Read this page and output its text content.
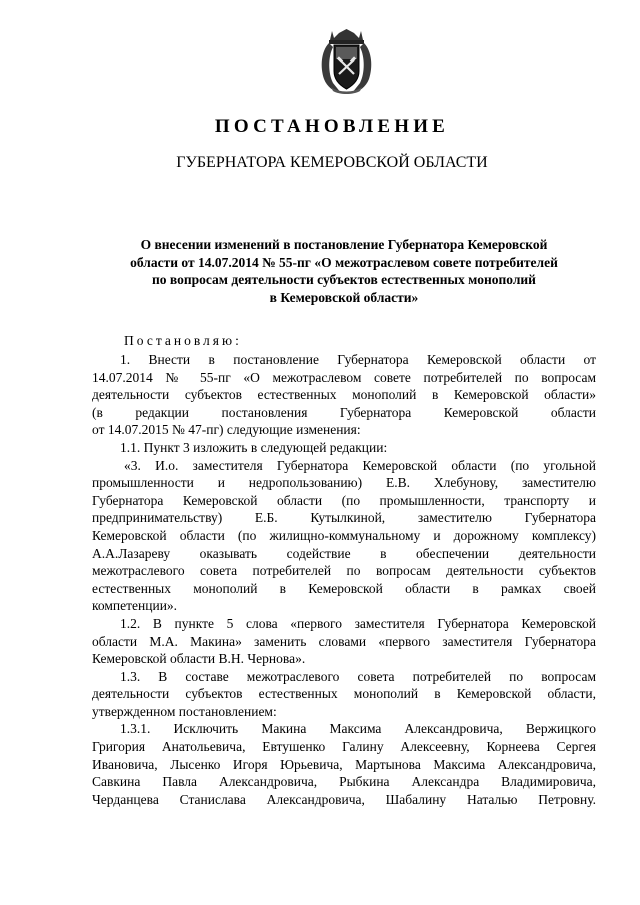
ПОСТАНОВЛЕНИЕ
ГУБЕРНАТОРА КЕМЕРОВСКОЙ ОБЛАСТИ
О внесении изменений в постановление Губернатора Кемеровской
области от 14.07.2014 № 55-пг «О межотраслевом совете потребителей
по вопросам деятельности субъектов естественных монополий
в Кемеровской области»
Постановляю:
1. Внести в постановление Губернатора Кемеровской области от
14.07.2014 № 55-пг «О межотраслевом совете потребителей по вопросам
деятельности субъектов естественных монополий в Кемеровской области»
(в редакции постановления Губернатора Кемеровской области
от 14.07.2015 № 47-пг) следующие изменения:
1.1. Пункт 3 изложить в следующей редакции:
«3. И.о. заместителя Губернатора Кемеровской области (по угольной
промышленности и недропользованию) Е.В. Хлебунову, заместителю
Губернатора Кемеровской области (по промышленности, транспорту и
предпринимательству) Е.Б. Кутылкиной, заместителю Губернатора
Кемеровской области (по жилищно-коммунальному и дорожному комплексу)
А.А.Лазареву оказывать содействие в обеспечении деятельности
межотраслевого совета потребителей по вопросам деятельности субъектов
естественных монополий в Кемеровской области в рамках своей
компетенции».
1.2. В пункте 5 слова «первого заместителя Губернатора Кемеровской
области М.А. Макина» заменить словами «первого заместителя Губернатора
Кемеровской области В.Н. Чернова».
1.3. В составе межотраслевого совета потребителей по вопросам
деятельности субъектов естественных монополий в Кемеровской области,
утвержденном постановлением:
1.3.1. Исключить Макина Максима Александровича, Вержицкого
Григория Анатольевича, Евтушенко Галину Алексеевну, Корнеева Сергея
Ивановича, Лысенко Игоря Юрьевича, Мартынова Максима Александровича,
Савкина Павла Александровича, Рыбкина Александра Владимировича,
Черданцева Станислава Александровича, Шабалину Наталью Петровну.
